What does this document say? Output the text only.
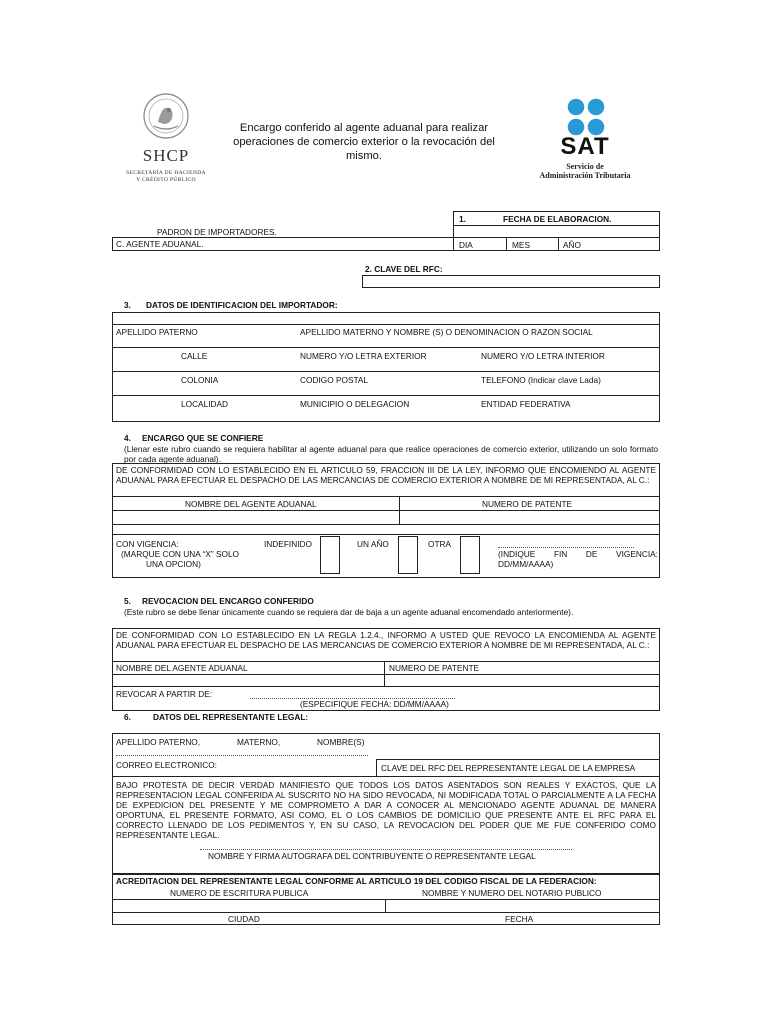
SHCP
SECRETARÍA DE HACIENDA
Y CRÉDITO PÚBLICO
Encargo conferido al agente aduanal para realizar operaciones de comercio exterior o la revocación del mismo.	SAT
Servicio de
Administración Tributaria
1.	FECHA DE ELABORACION.
DIA	MES	AÑO
PADRON DE IMPORTADORES.
C. AGENTE ADUANAL.
2. CLAVE DEL RFC:
3. DATOS DE IDENTIFICACION DEL IMPORTADOR:
APELLIDO PATERNO	APELLIDO MATERNO Y NOMBRE (S) O DENOMINACION O RAZON SOCIAL
CALLE	NUMERO Y/O LETRA EXTERIOR	NUMERO Y/O LETRA INTERIOR
COLONIA	CODIGO POSTAL	TELEFONO (Indicar clave Lada)
LOCALIDAD	MUNICIPIO O DELEGACION	ENTIDAD FEDERATIVA
4. ENCARGO QUE SE CONFIERE
(Llenar este rubro cuando se requiera habilitar al agente aduanal para que realice operaciones de comercio exterior, utilizando un solo formato por cada agente aduanal).
DE CONFORMIDAD CON LO ESTABLECIDO EN EL ARTICULO 59, FRACCION III DE LA LEY, INFORMO QUE ENCOMIENDO AL AGENTE ADUANAL PARA EFECTUAR EL DESPACHO DE LAS MERCANCIAS DE COMERCIO EXTERIOR A NOMBRE DE MI REPRESENTADA, AL C.:
NOMBRE DEL AGENTE ADUANAL	NUMERO DE PATENTE
CON VIGENCIA:
(MARQUE CON UNA “X” SOLO
UNA OPCION)
INDEFINIDO	UN AÑO	OTRA
(INDIQUE FIN DE VIGENCIA: DD/MM/AAAA)
5. REVOCACION DEL ENCARGO CONFERIDO
(Este rubro se debe llenar únicamente cuando se requiera dar de baja a un agente aduanal encomendado anteriormente).
DE CONFORMIDAD CON LO ESTABLECIDO EN LA REGLA 1.2.4., INFORMO A USTED QUE REVOCO LA ENCOMIENDA AL AGENTE ADUANAL PARA EFECTUAR EL DESPACHO DE LAS MERCANCIAS DE COMERCIO EXTERIOR A NOMBRE DE MI REPRESENTADA, AL C.:
NOMBRE DEL AGENTE ADUANAL	NUMERO DE PATENTE
REVOCAR A PARTIR DE:
(ESPECIFIQUE FECHA: DD/MM/AAAA)
6.	DATOS DEL REPRESENTANTE LEGAL:
APELLIDO PATERNO,	MATERNO,	NOMBRE(S)
CORREO ELECTRONICO:	CLAVE DEL RFC DEL REPRESENTANTE LEGAL DE LA EMPRESA
BAJO PROTESTA DE DECIR VERDAD MANIFIESTO QUE TODOS LOS DATOS ASENTADOS SON REALES Y EXACTOS, QUE LA REPRESENTACION LEGAL CONFERIDA AL SUSCRITO NO HA SIDO REVOCADA, NI MODIFICADA TOTAL O PARCIALMENTE A LA FECHA DE EXPEDICION DEL PRESENTE Y ME COMPROMETO A DAR A CONOCER AL MENCIONADO AGENTE ADUANAL DE MANERA OPORTUNA, EL PRESENTE FORMATO, ASI COMO, EL O LOS CAMBIOS DE DOMICILIO QUE PRESENTE ANTE EL RFC PARA EL CORRECTO LLENADO DE LOS PEDIMENTOS Y, EN SU CASO, LA REVOCACION DEL PODER QUE ME FUE CONFERIDO COMO REPRESENTANTE LEGAL.
NOMBRE Y FIRMA AUTOGRAFA DEL CONTRIBUYENTE O REPRESENTANTE LEGAL
ACREDITACION DEL REPRESENTANTE LEGAL CONFORME AL ARTICULO 19 DEL CODIGO FISCAL DE LA FEDERACION:
NUMERO DE ESCRITURA PUBLICA	NOMBRE Y NUMERO DEL NOTARIO PUBLICO
CIUDAD	FECHA
